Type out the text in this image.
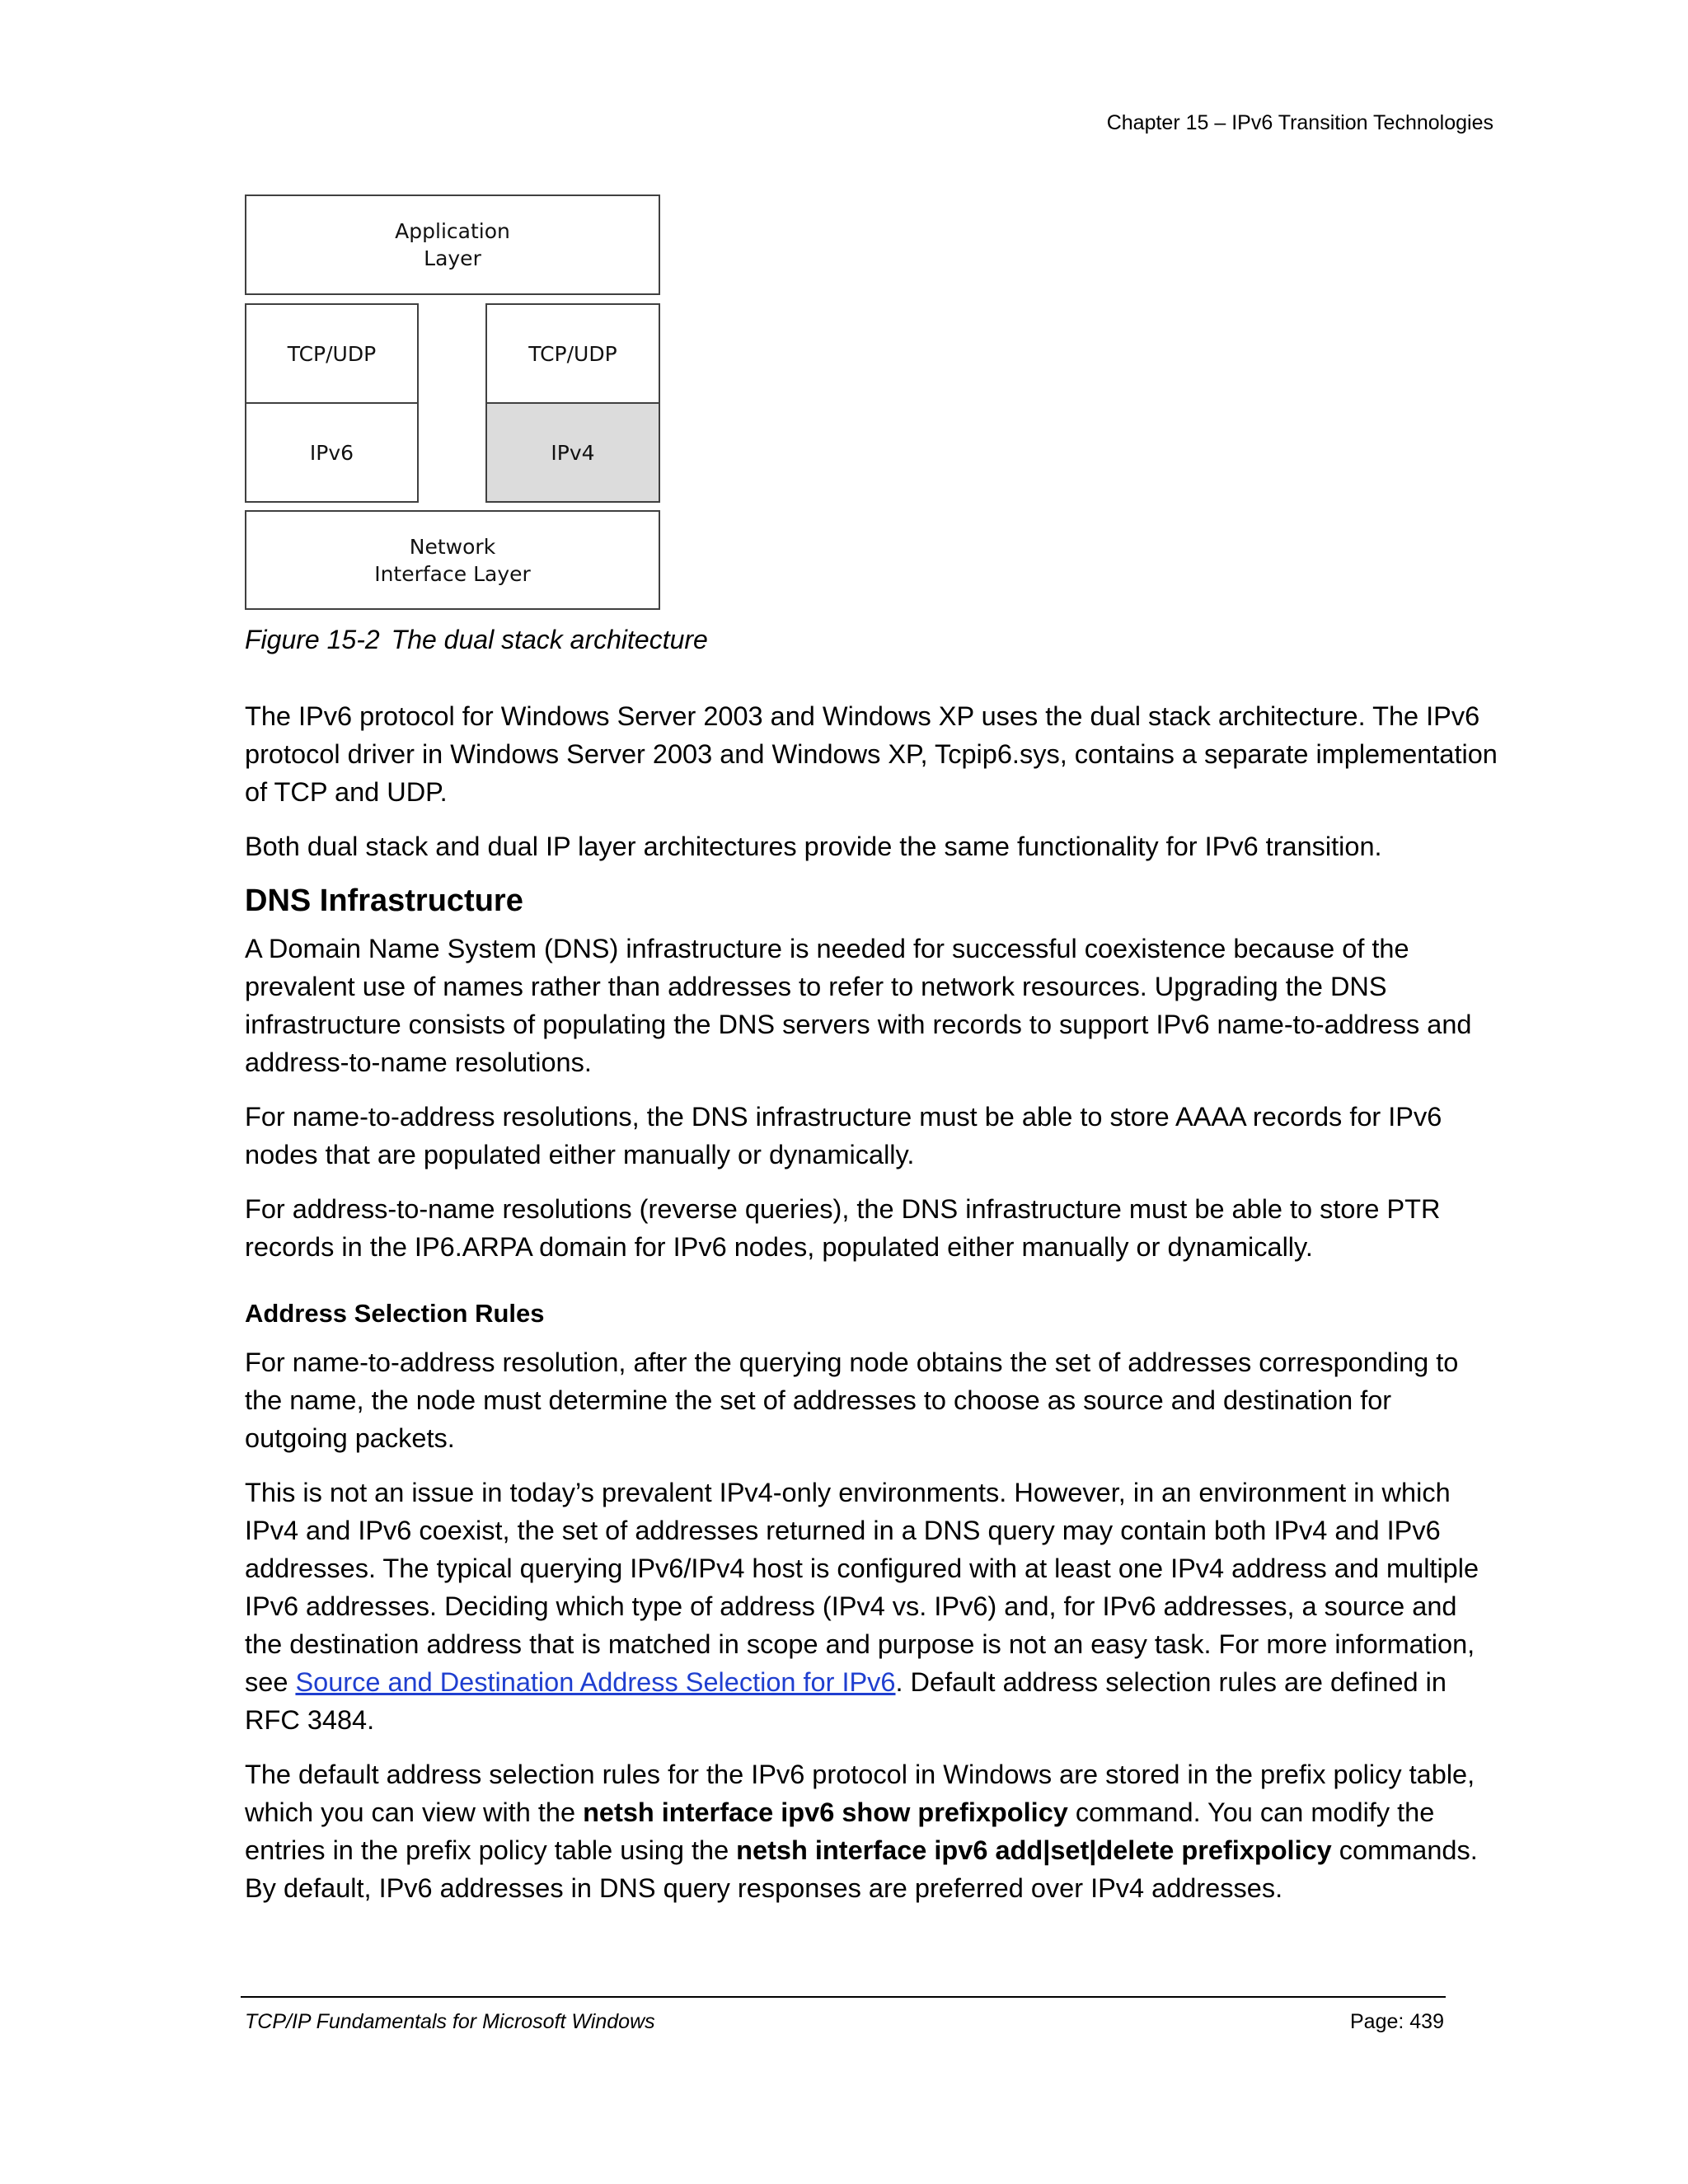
Chapter 15 – IPv6 Transition Technologies
Application
Layer
TCP/UDP	TCP/UDP
IPv6	IPv4
Network
Interface Layer
Figure 15-2 The dual stack architecture

The IPv6 protocol for Windows Server 2003 and Windows XP uses the dual stack architecture. The IPv6 protocol driver in Windows Server 2003 and Windows XP, Tcpip6.sys, contains a separate implementation of TCP and UDP.

Both dual stack and dual IP layer architectures provide the same functionality for IPv6 transition.

DNS Infrastructure

A Domain Name System (DNS) infrastructure is needed for successful coexistence because of the prevalent use of names rather than addresses to refer to network resources. Upgrading the DNS infrastructure consists of populating the DNS servers with records to support IPv6 name-to-address and address-to-name resolutions.

For name-to-address resolutions, the DNS infrastructure must be able to store AAAA records for IPv6 nodes that are populated either manually or dynamically.

For address-to-name resolutions (reverse queries), the DNS infrastructure must be able to store PTR records in the IP6.ARPA domain for IPv6 nodes, populated either manually or dynamically.

Address Selection Rules

For name-to-address resolution, after the querying node obtains the set of addresses corresponding to the name, the node must determine the set of addresses to choose as source and destination for outgoing packets.

This is not an issue in today’s prevalent IPv4-only environments. However, in an environment in which IPv4 and IPv6 coexist, the set of addresses returned in a DNS query may contain both IPv4 and IPv6 addresses. The typical querying IPv6/IPv4 host is configured with at least one IPv4 address and multiple IPv6 addresses. Deciding which type of address (IPv4 vs. IPv6) and, for IPv6 addresses, a source and the destination address that is matched in scope and purpose is not an easy task. For more information, see Source and Destination Address Selection for IPv6. Default address selection rules are defined in RFC 3484.

The default address selection rules for the IPv6 protocol in Windows are stored in the prefix policy table, which you can view with the netsh interface ipv6 show prefixpolicy command. You can modify the entries in the prefix policy table using the netsh interface ipv6 add|set|delete prefixpolicy commands. By default, IPv6 addresses in DNS query responses are preferred over IPv4 addresses.

TCP/IP Fundamentals for Microsoft Windows	Page: 439
